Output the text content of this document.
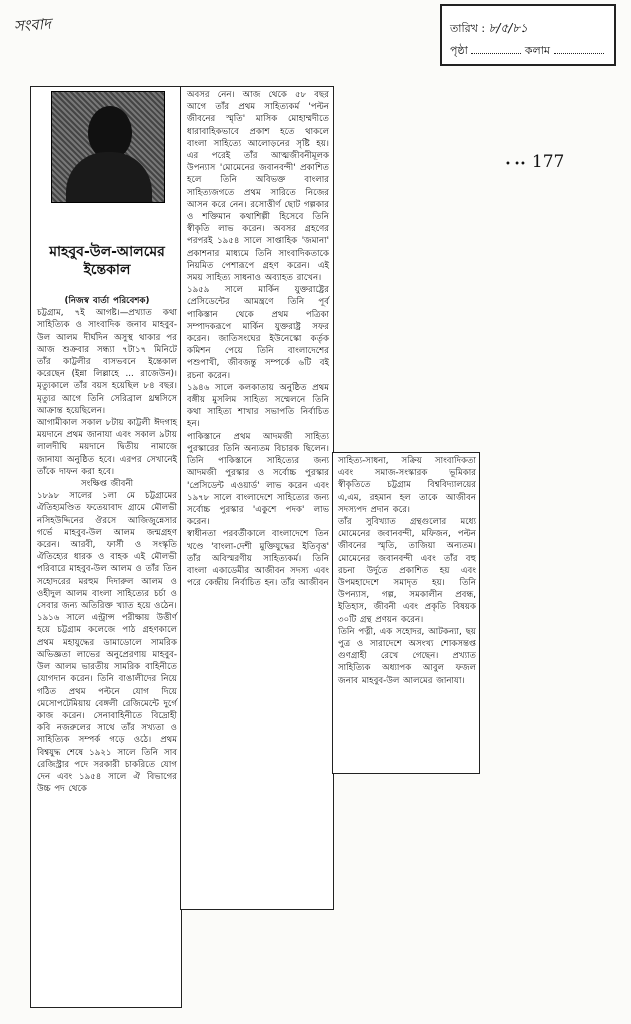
সংবাদ	তারিখ : ৮/৫/৮১
পৃষ্ঠা	কলাম
• •• 177
মাহবুব-উল-আলমের ইন্তেকাল

(নিজস্ব বার্তা পরিবেশক)

চট্টগ্রাম, ৭ই আগষ্ট।—প্রখ্যাত কথা সাহিত্যিক ও সাংবাদিক জনাব মাহবুব-উল আলম দীর্ঘদিন অসুস্থ থাকার পর আজ শুক্রবার সন্ধ্যা ৭টা১৭ মিনিটে তাঁর কাট্টলীর বাসভবনে ইন্তেকাল করেছেন (ইন্না লিল্লাহে ... রাজেউন)। মৃত্যুকালে তাঁর বয়স হয়েছিল ৮৪ বছর। মৃত্যুর আগে তিনি সেরিব্রাল থ্রম্বসিসে আক্রান্ত হয়েছিলেন।

আগামীকাল সকাল ৮টায় কাট্টলী ঈদগাহ ময়দানে প্রথম জানাযা এবং সকাল ৯টায় লালদীঘি ময়দানে দ্বিতীয় নামাজে জানাযা অনুষ্ঠিত হবে। এরপর সেখানেই তাঁকে দাফন করা হবে।

সংক্ষিপ্ত জীবনী

১৮৯৮ সালের ১লা মে চট্টগ্রামের ঐতিহ্যমণ্ডিত ফতেয়াবাদ গ্রামে মৌলভী নসিহউদ্দিনের ঔরসে আজিজুন্নেসার গর্ভে মাহবুব-উল আলম জন্মগ্রহণ করেন। আরবী, ফার্সী ও সংস্কৃতি ঐতিহ্যের ধারক ও বাহক এই মৌলভী পরিবারে মাহবুব-উল আলম ও তাঁর তিন সহোদরের মরহুম দিদারুল আলম ও ওহীদুল আলম বাংলা সাহিত্যের চর্চা ও সেবার জন্য অতিরিক্ত খ্যাত হয়ে ওঠেন।

১৯১৬ সালে এন্ট্রান্স পরীক্ষায় উত্তীর্ণ হয়ে চট্টগ্রাম কলেজে পাঠ গ্রহণকালে প্রথম মহাযুদ্ধের ডামাডোলে সামরিক অভিজ্ঞতা লাভের অনুপ্রেরণায় মাহবুব-উল আলম ভারতীয় সামরিক বাহিনীতে যোগদান করেন। তিনি বাঙালীদের নিয়ে গঠিত প্রথম পল্টনে যোগ দিয়ে মেসোপটেমিয়ায় বেঙ্গলী রেজিমেন্টে দুর্গে কাজ করেন। সেনাবাহিনীতে বিদ্রোহী কবি নজরুলের সাথে তাঁর সখ্যতা ও সাহিত্যিক সম্পর্ক গড়ে ওঠে। প্রথম বিশ্বযুদ্ধ শেষে ১৯২১ সালে তিনি সাব রেজিস্ট্রার পদে সরকারী চাকরিতে যোগ দেন এবং ১৯৫৪ সালে ঐ বিভাগের উচ্চ পদ থেকে

অবসর নেন। আজ থেকে ৫৮ বছর আগে তাঁর প্রথম সাহিত্যকর্ম 'পল্টন জীবনের স্মৃতি' মাসিক মোহাম্মদীতে ধারাবাহিকভাবে প্রকাশ হতে থাকলে বাংলা সাহিত্যে আলোড়নের সৃষ্টি হয়। এর পরেই তাঁর আত্মজীবনীমূলক উপন্যাস 'মোমেনের জবানবন্দী' প্রকাশিত হলে তিনি অবিভক্ত বাংলার সাহিত্যজগতে প্রথম সারিতে নিজের আসন করে নেন। রসোত্তীর্ণ ছোট গল্পকার ও শক্তিমান কথাশিল্পী হিসেবে তিনি স্বীকৃতি লাভ করেন। অবসর গ্রহণের পরপরই ১৯৫৪ সালে সাপ্তাহিক 'জমানা' প্রকাশনার মাধ্যমে তিনি সাংবাদিকতাকে নিয়মিত পেশারূপে গ্রহণ করেন। এই সময় সাহিত্য সাধনাও অব্যাহত রাখেন।

১৯৫৯ সালে মার্কিন যুক্তরাষ্ট্রের প্রেসিডেন্টের আমন্ত্রণে তিনি পূর্ব পাকিস্তান থেকে প্রথম পত্রিকা সম্পাদকরূপে মার্কিন যুক্তরাষ্ট্র সফর করেন। জাতিসংঘের ইউনেস্কো কর্তৃক কমিশন পেয়ে তিনি বাংলাদেশের পশুপাখী, জীবজন্তু সম্পর্কে ৬টি বই রচনা করেন।

১৯৪৬ সালে কলকাতায় অনুষ্ঠিত প্রথম বঙ্গীয় মুসলিম সাহিত্য সম্মেলনে তিনি কথা সাহিত্য শাখার সভাপতি নির্বাচিত হন।

পাকিস্তানে প্রথম আদমজী সাহিত্য পুরস্কারের তিনি অন্যতম বিচারক ছিলেন। তিনি পাকিস্তানে সাহিত্যের জন্য আদমজী পুরস্কার ও সর্বোচ্চ পুরস্কার 'প্রেসিডেন্ট এওয়ার্ড' লাভ করেন এবং ১৯৭৮ সালে বাংলাদেশে সাহিত্যের জন্য সর্বোচ্চ পুরস্কার 'একুশে পদক' লাভ করেন।

স্বাধীনতা পরবর্তীকালে বাংলাদেশে তিন খণ্ডে 'বাংলা-দেশী মুক্তিযুদ্ধের ইতিবৃত্ত' তাঁর অবিস্মরণীয় সাহিত্যকর্ম। তিনি বাংলা একাডেমীর আজীবন সদস্য এবং পরে কেন্দ্রীয় নির্বাচিত হন। তাঁর আজীবন

সাহিত্য-সাধনা, সক্রিয় সাংবাদিকতা এবং সমাজ-সংস্কারক ভূমিকার স্বীকৃতিতে চট্টগ্রাম বিশ্ববিদ্যালয়ের এ,এম, রহমান হল তাকে আজীবন সদস্যপদ প্রদান করে।

তাঁর সুবিখ্যাত গ্রন্থগুলোর মধ্যে মোমেনের জবানবন্দী, মফিজন, পল্টন জীবনের স্মৃতি, তাজিয়া অন্যতম। মোমেনের জবানবন্দী এবং তাঁর বহু রচনা উর্দুতে প্রকাশিত হয় এবং উপমহাদেশে সমাদৃত হয়। তিনি উপন্যাস, গল্প, সমকালীন প্রবন্ধ, ইতিহাস, জীবনী এবং প্রকৃতি বিষয়ক ৩০টি গ্রন্থ প্রণয়ন করেন।

তিনি পত্নী, এক সহোদর, আটকন্যা, ছয় পুত্র ও সারাদেশে অসংখ্য শোকসন্তপ্ত গুণগ্রাহী রেখে গেছেন। প্রখ্যাত সাহিত্যিক অধ্যাপক আবুল ফজল জনাব মাহবুব-উল আলমের জানাযা।
